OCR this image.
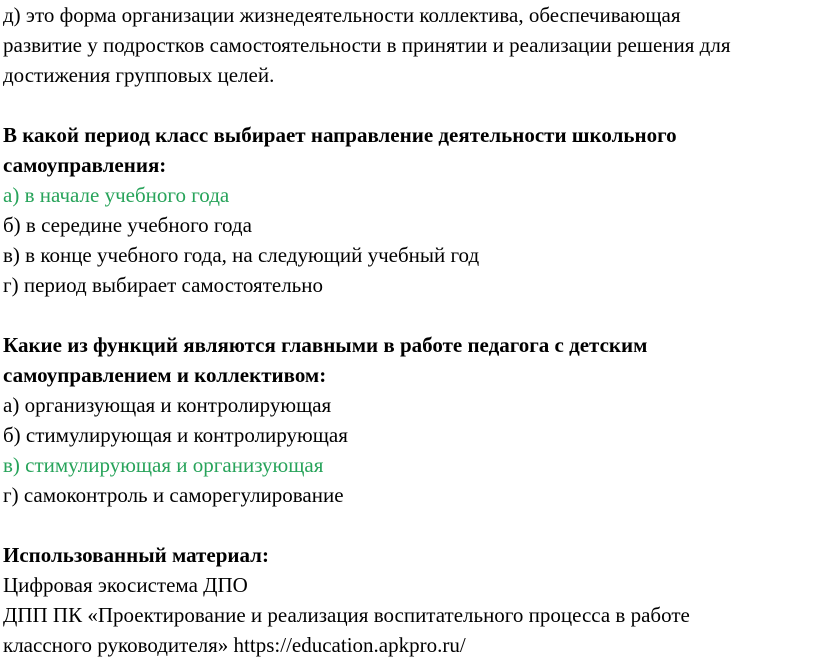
д) это форма организации жизнедеятельности коллектива, обеспечивающая
развитие у подростков самостоятельности в принятии и реализации решения для
достижения групповых целей.
В какой период класс выбирает направление деятельности школьного
самоуправления:
а) в начале учебного года
б) в середине учебного года
в) в конце учебного года, на следующий учебный год
г) период выбирает самостоятельно
Какие из функций являются главными в работе педагога с детским
самоуправлением и коллективом:
а) организующая и контролирующая
б) стимулирующая и контролирующая
в) стимулирующая и организующая
г) самоконтроль и саморегулирование
Использованный материал:
Цифровая экосистема ДПО
ДПП ПК «Проектирование и реализация воспитательного процесса в работе
классного руководителя» https://education.apkpro.ru/
